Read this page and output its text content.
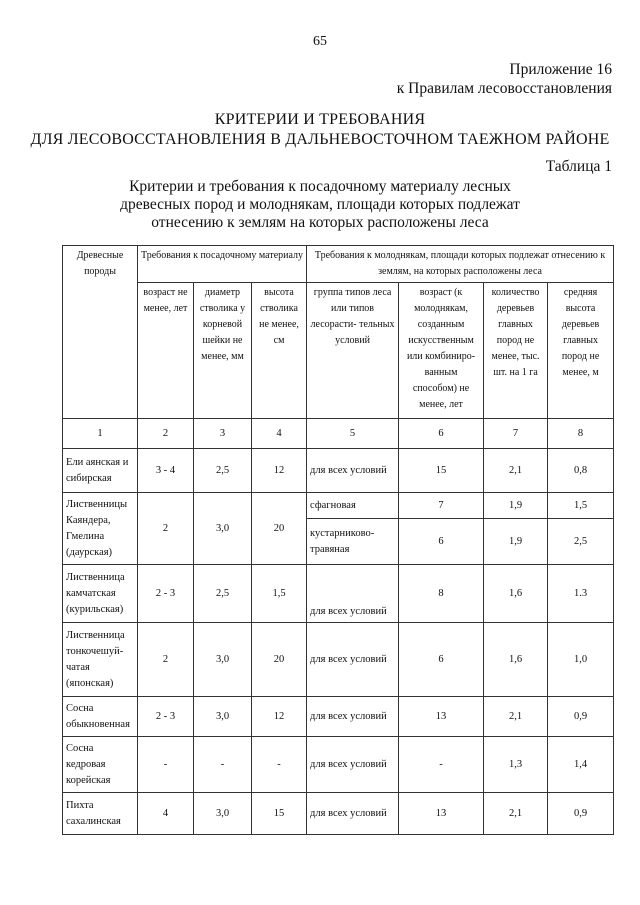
65
Приложение 16
к Правилам лесовосстановления
КРИТЕРИИ И ТРЕБОВАНИЯ
ДЛЯ ЛЕСОВОССТАНОВЛЕНИЯ В ДАЛЬНЕВОСТОЧНОМ ТАЕЖНОМ РАЙОНЕ
Таблица 1
Критерии и требования к посадочному материалу лесных
древесных пород и молоднякам, площади которых подлежат
отнесению к землям на которых расположены леса
Древесные породы	Требования к посадочному материалу			Требования к молоднякам, площади которых подлежат отнесению к землям, на которых расположены леса			
	возраст не менее, лет	диаметр стволика у корневой шейки не менее, мм	высота стволика не менее, см	группа типов леса или типов лесорасти- тельных условий	возраст (к молоднякам, созданным искусственным или комбиниро- ванным способом) не менее, лет	количество деревьев главных пород не менее, тыс. шт. на 1 га	средняя высота деревьев главных пород не менее, м
1	2	3	4	5	6	7	8
Ели аянская и сибирская	3 - 4	2,5	12	для всех условий	15	2,1	0,8
Лиственницы Каяндера, Гмелина (даурская)	2	3,0	20	сфагновая	7	1,9	1,5
				кустарниково-травяная	6	1,9	2,5
Лиственница камчатская (курильская)	2 - 3	2,5	1,5	для всех условий	8	1,6	1.3
Лиственница тонкочешуй-чатая (японская)	2	3,0	20	для всех условий	6	1,6	1,0
Сосна обыкновенная	2 - 3	3,0	12	для всех условий	13	2,1	0,9
Сосна кедровая корейская	-	-	-	для всех условий	-	1,3	1,4
Пихта сахалинская	4	3,0	15	для всех условий	13	2,1	0,9
